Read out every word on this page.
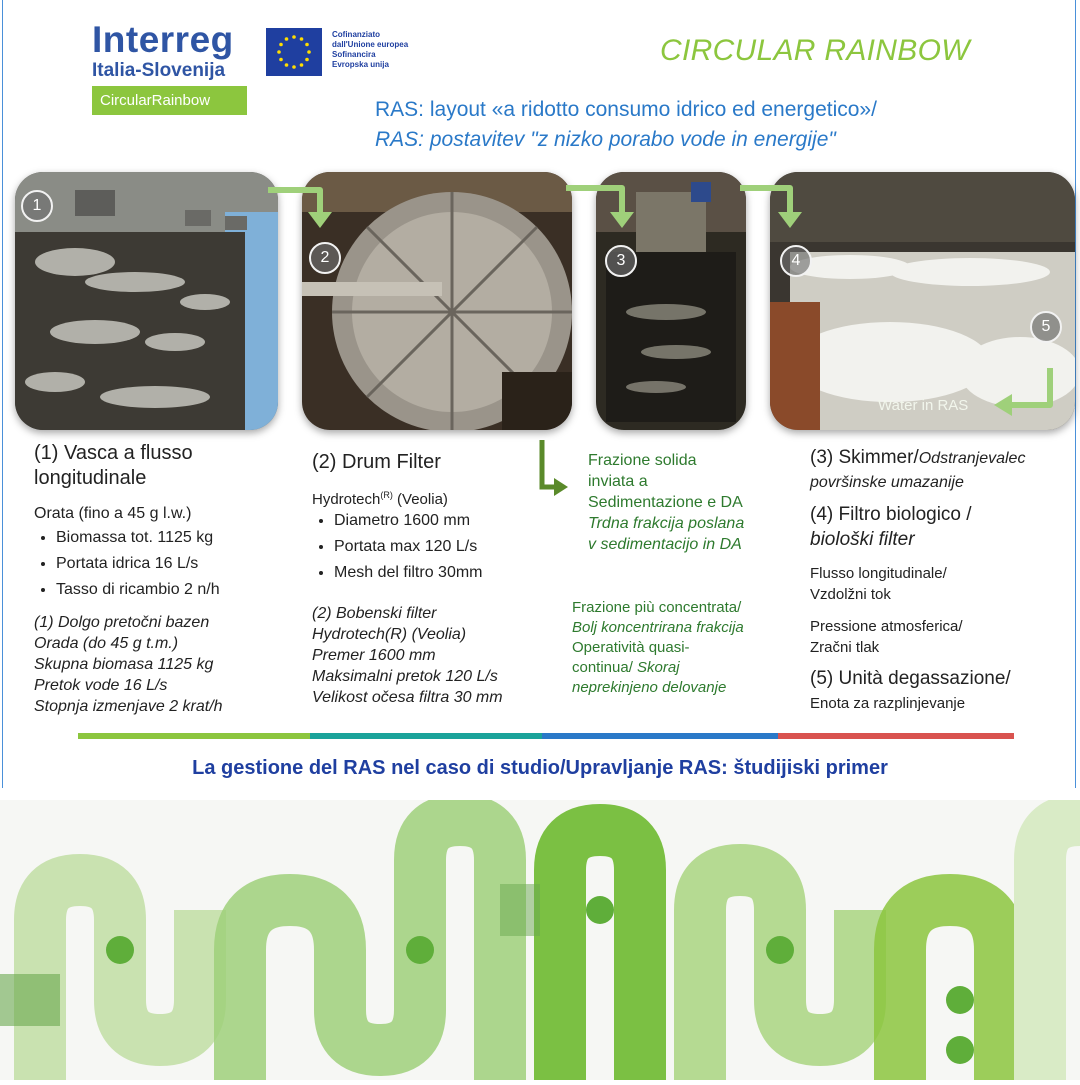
Interreg
Italia-Slovenija
CircularRainbow
Cofinanziato
dall'Unione europea
Sofinancira
Evropska unija	CIRCULAR RAINBOW
RAS: layout «a ridotto consumo idrico ed energetico»/
RAS: postavitev "z nizko porabo vode in energije"
1
2	3	4
5
Water in RAS
(1) Vasca a flusso longitudinale
Orata (fino a 45 g l.w.)
• Biomassa tot. 1125 kg
• Portata idrica 16 L/s
• Tasso di ricambio 2 n/h
(1) Dolgo pretočni bazen
Orada (do 45 g t.m.)
Skupna biomasa 1125 kg
Pretok vode 16 L/s
Stopnja izmenjave 2 krat/h
(2) Drum Filter
Hydrotech$^{(R)}$ (Veolia)
• Diametro 1600 mm
• Portata max 120 L/s
• Mesh del filtro 30mm
(2) Bobenski filter
Hydrotech(R) (Veolia)
Premer 1600 mm
Maksimalni pretok 120 L/s
Velikost očesa filtra 30 mm
Frazione solida
inviata a
Sedimentazione e DA
Trdna frakcija poslana
v sedimentacijo in DA
Frazione più concentrata/
Bolj koncentrirana frakcija
Operatività quasi-
continua/ Skoraj
neprekinjeno delovanje
(3) Skimmer/Odstranjevalec
površinske umazanije
(4) Filtro biologico /
biološki filter
Flusso longitudinale/
Vzdolžni tok
Pressione atmosferica/
Zračni tlak
(5) Unità degassazione/
Enota za razplinjevanje
La gestione del RAS nel caso di studio/Upravljanje RAS: študijiski primer
